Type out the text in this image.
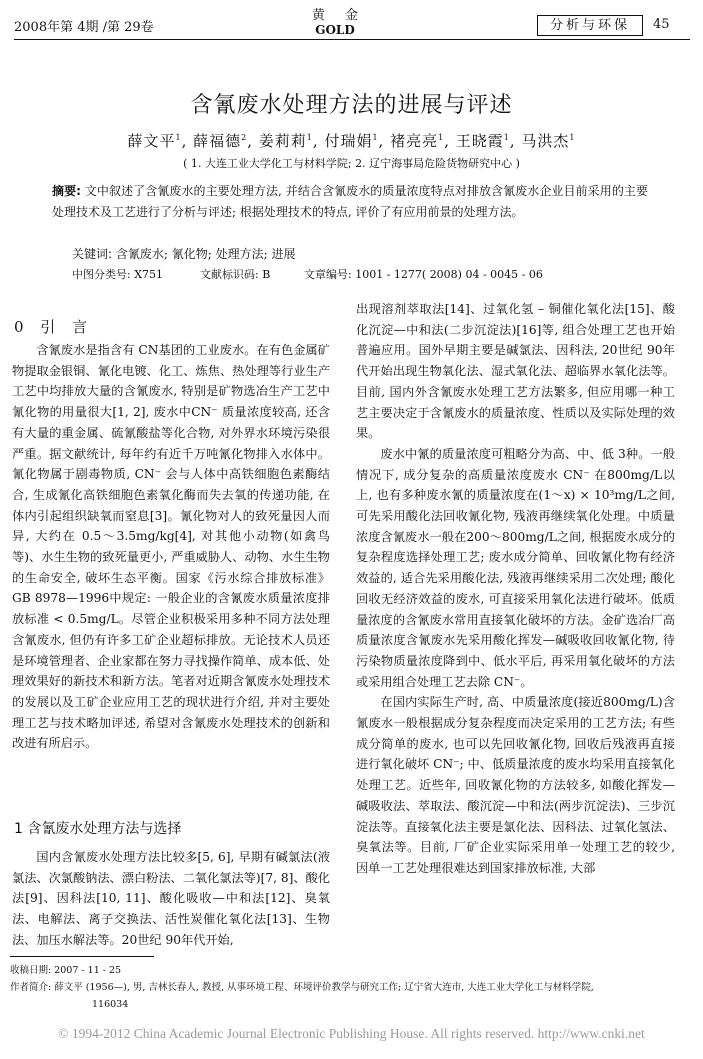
2008年第 4期 /第 29卷
黄 金
GOLD	分析与环保	45
含氰废水处理方法的进展与评述
薛文平$^1$, 薛福德$^2$, 姜莉莉$^1$, 付瑞娟$^1$, 褚亮亮$^1$, 王晓霞$^1$, 马洪杰$^1$
( 1. 大连工业大学化工与材料学院; 2. 辽宁海事局危险货物研究中心 )
摘要: 文中叙述了含氰废水的主要处理方法, 并结合含氰废水的质量浓度特点对排放含氰废水企业目前采用的主要处理技术及工艺进行了分析与评述; 根据处理技术的特点, 评价了有应用前景的处理方法。
关键词: 含氰废水; 氰化物; 处理方法; 进展
中图分类号: X751	文献标识码: B	文章编号: 1001 - 1277( 2008) 04 - 0045 - 06
0 引 言

含氰废水是指含有 CN基团的工业废水。在有色金属矿物提取金银铜、氰化电镀、化工、炼焦、热处理等行业生产工艺中均排放大量的含氰废水, 特别是矿物选冶生产工艺中氰化物的用量很大[1, 2], 废水中CN⁻ 质量浓度较高, 还含有大量的重金属、硫氰酸盐等化合物, 对外界水环境污染很严重。据文献统计, 每年约有近千万吨氰化物排入水体中。氰化物属于剧毒物质, CN⁻ 会与人体中高铁细胞色素酶结合, 生成氰化高铁细胞色素氧化酶而失去氧的传递功能, 在体内引起组织缺氧而窒息[3]。氰化物对人的致死量因人而异, 大约在 0.5～3.5mg/kg[4], 对其他小动物(如禽鸟等)、水生生物的致死量更小, 严重威胁人、动物、水生生物的生命安全, 破坏生态平衡。国家《污水综合排放标准》GB 8978—1996中规定: 一般企业的含氰废水质量浓度排放标准 < 0.5mg/L。尽管企业积极采用多种不同方法处理含氰废水, 但仍有许多工矿企业超标排放。无论技术人员还是环境管理者、企业家都在努力寻找操作简单、成本低、处理效果好的新技术和新方法。笔者对近期含氰废水处理技术的发展以及工矿企业应用工艺的现状进行介绍, 并对主要处理工艺与技术略加评述, 希望对含氰废水处理技术的创新和改进有所启示。

1 含氰废水处理方法与选择

国内含氰废水处理方法比较多[5, 6], 早期有碱氯法(液氯法、次氯酸钠法、漂白粉法、二氧化氯法等)[7, 8]、酸化法[9]、因科法[10, 11]、酸化吸收—中和法[12]、臭氧法、电解法、离子交换法、活性炭催化氧化法[13]、生物法、加压水解法等。20世纪 90年代开始,

出现溶剂萃取法[14]、过氧化氢 – 铜催化氧化法[15]、酸化沉淀—中和法(二步沉淀法)[16]等, 组合处理工艺也开始普遍应用。国外早期主要是碱氯法、因科法, 20世纪 90年代开始出现生物氧化法、湿式氧化法、超临界水氧化法等。目前, 国内外含氰废水处理工艺方法繁多, 但应用哪一种工艺主要决定于含氰废水的质量浓度、性质以及实际处理的效果。

废水中氰的质量浓度可粗略分为高、中、低 3种。一般情况下, 成分复杂的高质量浓度废水 CN⁻ 在800mg/L以上, 也有多种废水氰的质量浓度在(1～x) × 10³mg/L之间, 可先采用酸化法回收氰化物, 残液再继续氧化处理。中质量浓度含氰废水一般在200～800mg/L之间, 根据废水成分的复杂程度选择处理工艺; 废水成分简单、回收氰化物有经济效益的, 适合先采用酸化法, 残液再继续采用二次处理; 酸化回收无经济效益的废水, 可直接采用氧化法进行破坏。低质量浓度的含氰废水常用直接氧化破坏的方法。金矿选冶厂高质量浓度含氰废水先采用酸化挥发—碱吸收回收氰化物, 待污染物质量浓度降到中、低水平后, 再采用氧化破坏的方法或采用组合处理工艺去除 CN⁻。

在国内实际生产时, 高、中质量浓度(接近800mg/L)含氰废水一般根据成分复杂程度而决定采用的工艺方法; 有些成分简单的废水, 也可以先回收氰化物, 回收后残液再直接进行氧化破坏 CN⁻; 中、低质量浓度的废水均采用直接氧化处理工艺。近些年, 回收氰化物的方法较多, 如酸化挥发—碱吸收法、萃取法、酸沉淀—中和法(两步沉淀法)、三步沉淀法等。直接氧化法主要是氯化法、因科法、过氧化氢法、臭氧法等。目前, 厂矿企业实际采用单一处理工艺的较少, 因单一工艺处理很难达到国家排放标准, 大部

收稿日期: 2007 - 11 - 25
作者简介: 薛文平 (1956—), 男, 吉林长春人, 教授, 从事环境工程、环境评价教学与研究工作; 辽宁省大连市, 大连工业大学化工与材料学院,
116034
© 1994-2012 China Academic Journal Electronic Publishing House. All rights reserved. http://www.cnki.net
